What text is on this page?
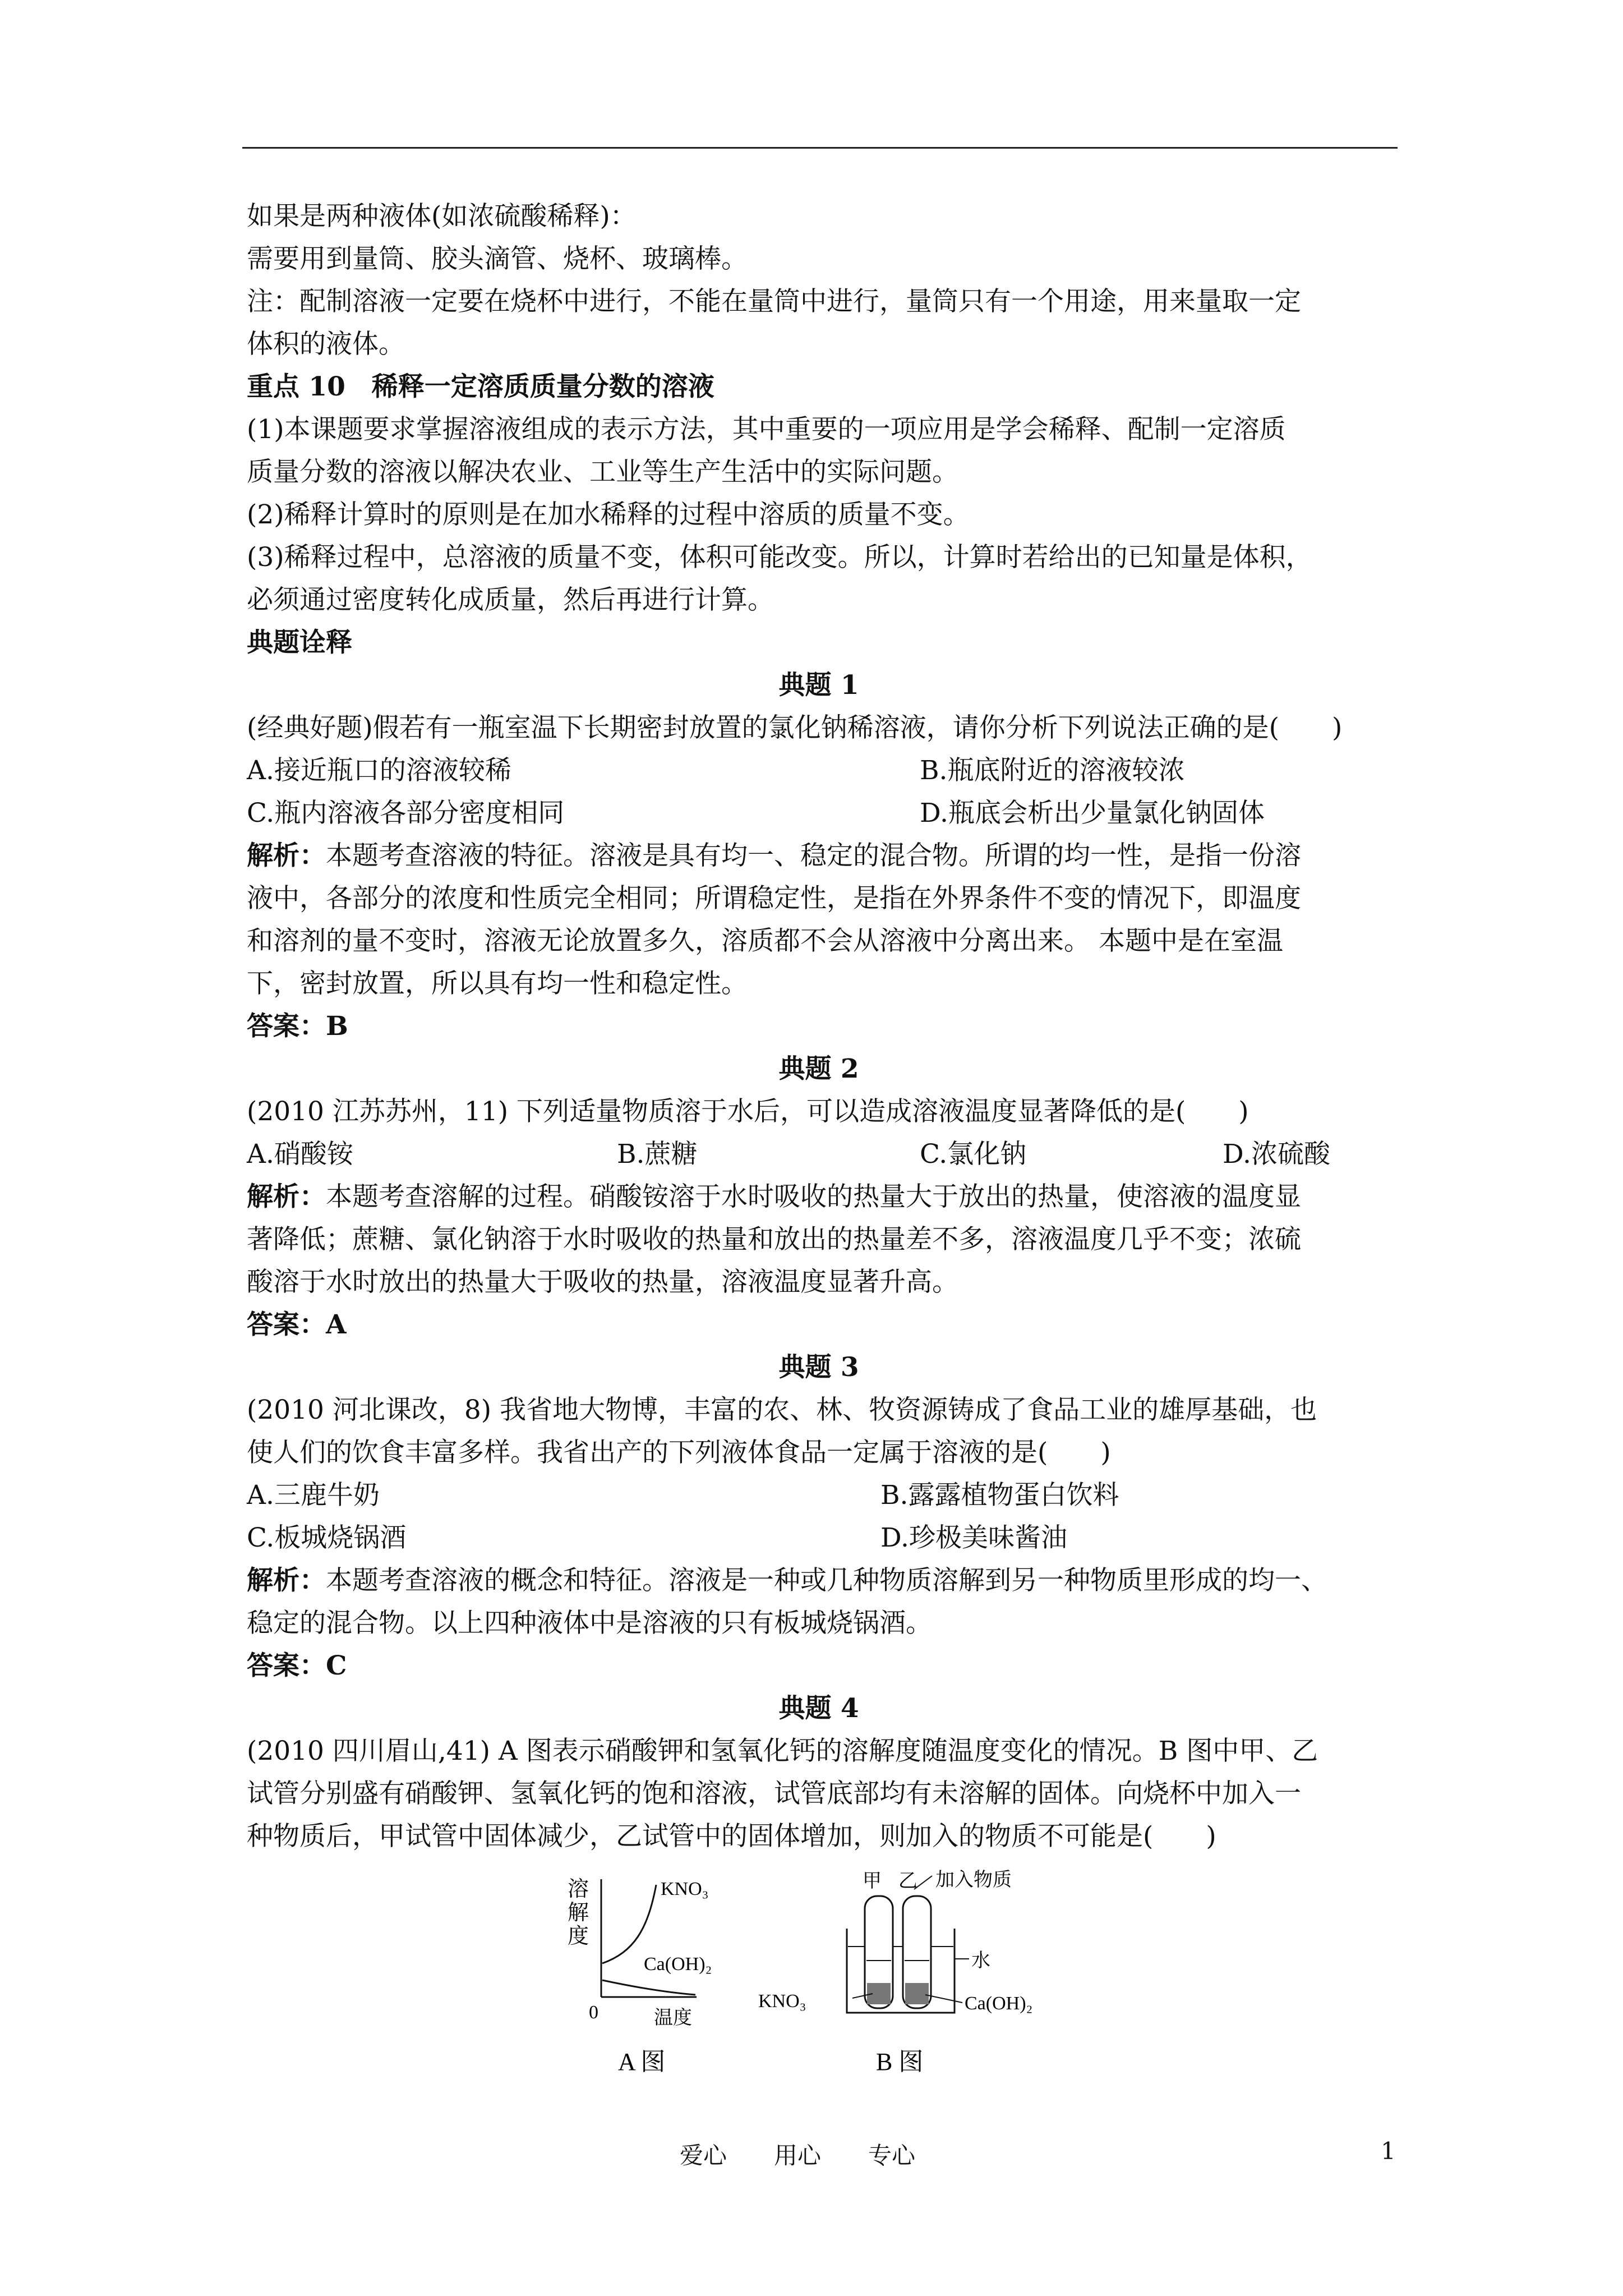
如果是两种液体(如浓硫酸稀释)：
需要用到量筒、胶头滴管、烧杯、玻璃棒。
注：配制溶液一定要在烧杯中进行，不能在量筒中进行，量筒只有一个用途，用来量取一定
体积的液体。
重点 10　稀释一定溶质质量分数的溶液
(1)本课题要求掌握溶液组成的表示方法，其中重要的一项应用是学会稀释、配制一定溶质
质量分数的溶液以解决农业、工业等生产生活中的实际问题。
(2)稀释计算时的原则是在加水稀释的过程中溶质的质量不变。
(3)稀释过程中，总溶液的质量不变，体积可能改变。所以，计算时若给出的已知量是体积，
必须通过密度转化成质量，然后再进行计算。
典题诠释
典题 1
(经典好题)假若有一瓶室温下长期密封放置的氯化钠稀溶液，请你分析下列说法正确的是(　　)
A.接近瓶口的溶液较稀	B.瓶底附近的溶液较浓
C.瓶内溶液各部分密度相同	D.瓶底会析出少量氯化钠固体
解析：本题考查溶液的特征。溶液是具有均一、稳定的混合物。所谓的均一性，是指一份溶
液中，各部分的浓度和性质完全相同；所谓稳定性，是指在外界条件不变的情况下，即温度
和溶剂的量不变时，溶液无论放置多久，溶质都不会从溶液中分离出来。 本题中是在室温
下，密封放置，所以具有均一性和稳定性。
答案：B
典题 2
(2010 江苏苏州，11) 下列适量物质溶于水后，可以造成溶液温度显著降低的是(　　)
A.硝酸铵	B.蔗糖	C.氯化钠	D.浓硫酸
解析：本题考查溶解的过程。硝酸铵溶于水时吸收的热量大于放出的热量，使溶液的温度显
著降低；蔗糖、氯化钠溶于水时吸收的热量和放出的热量差不多，溶液温度几乎不变；浓硫
酸溶于水时放出的热量大于吸收的热量，溶液温度显著升高。
答案：A
典题 3
(2010 河北课改，8) 我省地大物博，丰富的农、林、牧资源铸成了食品工业的雄厚基础，也
使人们的饮食丰富多样。我省出产的下列液体食品一定属于溶液的是(　　)
A.三鹿牛奶	B.露露植物蛋白饮料
C.板城烧锅酒	D.珍极美味酱油
解析：本题考查溶液的概念和特征。溶液是一种或几种物质溶解到另一种物质里形成的均一、
稳定的混合物。以上四种液体中是溶液的只有板城烧锅酒。
答案：C
典题 4
(2010 四川眉山,41) A 图表示硝酸钾和氢氧化钙的溶解度随温度变化的情况。B 图中甲、乙
试管分别盛有硝酸钾、氢氧化钙的饱和溶液，试管底部均有未溶解的固体。向烧杯中加入一
种物质后，甲试管中固体减少，乙试管中的固体增加，则加入的物质不可能是(　　)
溶
解
度
KNO₃
Ca(OH)₂
0	温度
A 图
甲 乙 加入物质
水
KNO₃	Ca(OH)₂
B 图
爱心　　用心　　专心	1
